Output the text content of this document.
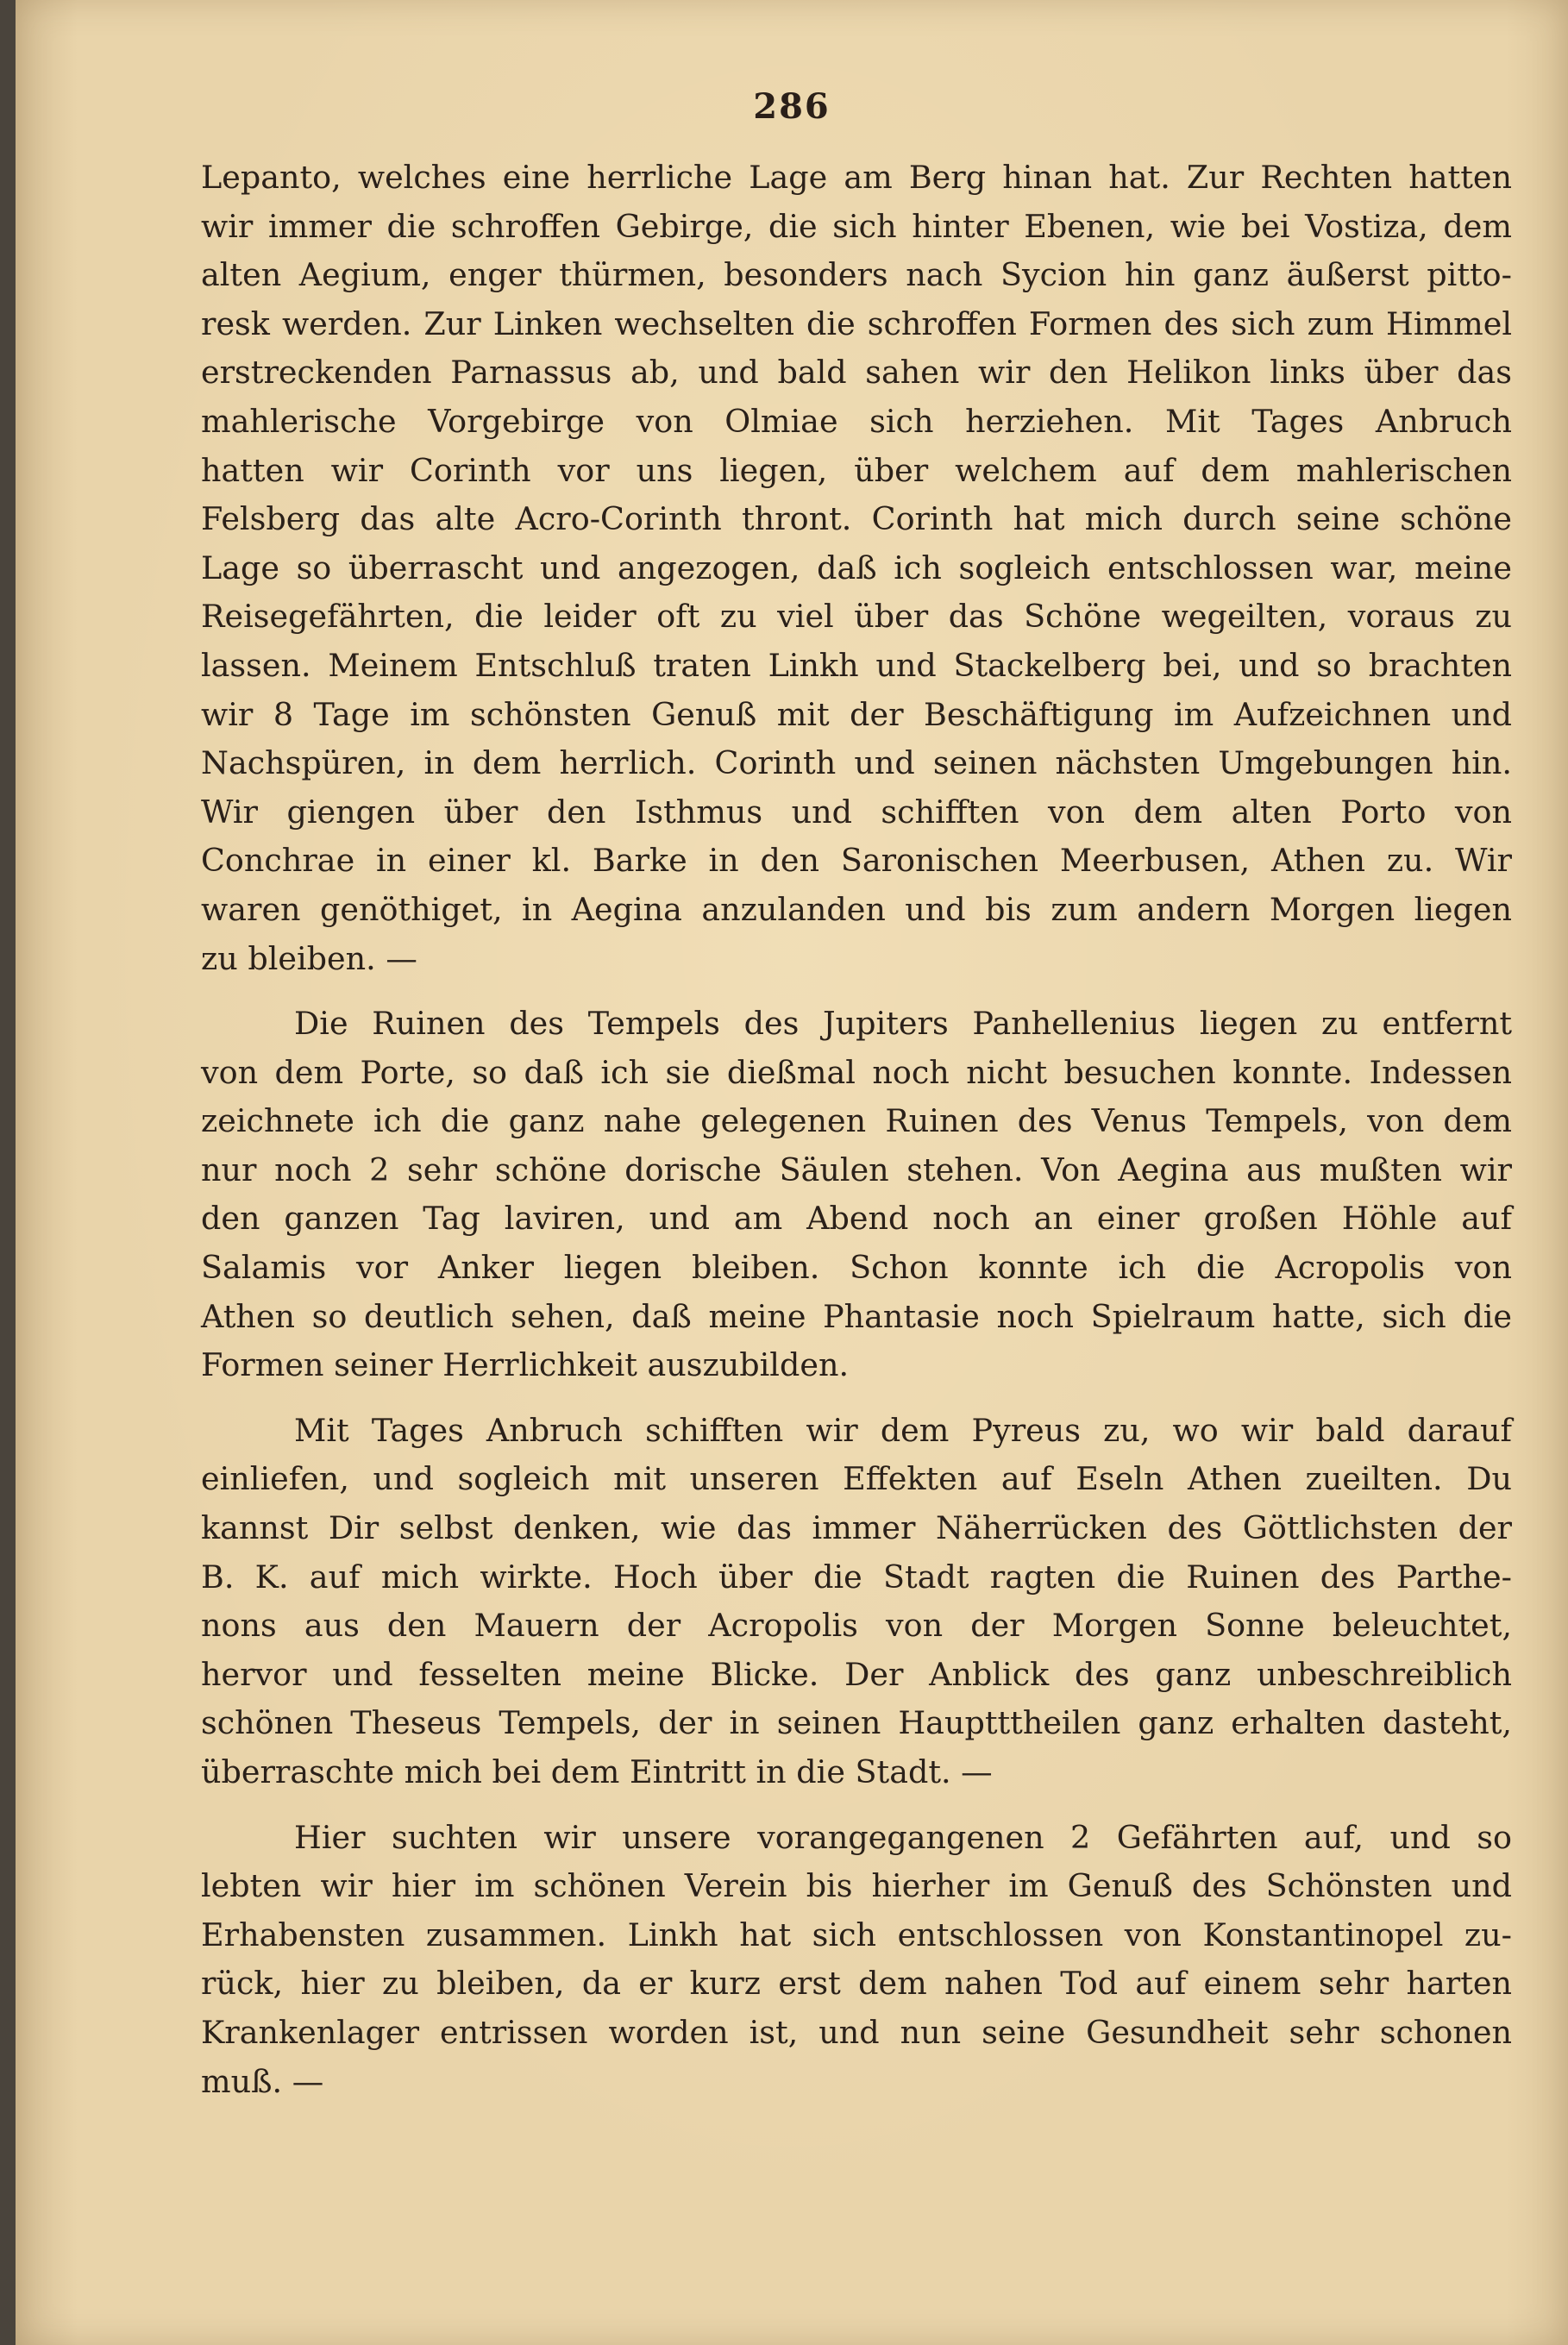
286
Lepanto, welches eine herrliche Lage am Berg hinan hat. Zur Rechten hatten
wir immer die schroffen Gebirge, die sich hinter Ebenen, wie bei Vostiza, dem
alten Aegium, enger thürmen, besonders nach Sycion hin ganz äußerst pitto-
resk werden. Zur Linken wechselten die schroffen Formen des sich zum Himmel
erstreckenden Parnassus ab, und bald sahen wir den Helikon links über das
mahlerische Vorgebirge von Olmiae sich herziehen. Mit Tages Anbruch
hatten wir Corinth vor uns liegen, über welchem auf dem mahlerischen
Felsberg das alte Acro-Corinth thront. Corinth hat mich durch seine schöne
Lage so überrascht und angezogen, daß ich sogleich entschlossen war, meine
Reisegefährten, die leider oft zu viel über das Schöne wegeilten, voraus zu
lassen. Meinem Entschluß traten Linkh und Stackelberg bei, und so brachten
wir 8 Tage im schönsten Genuß mit der Beschäftigung im Aufzeichnen und
Nachspüren, in dem herrlich. Corinth und seinen nächsten Umgebungen hin.
Wir giengen über den Isthmus und schifften von dem alten Porto von
Conchrae in einer kl. Barke in den Saronischen Meerbusen, Athen zu. Wir
waren genöthiget, in Aegina anzulanden und bis zum andern Morgen liegen
zu bleiben. —
Die Ruinen des Tempels des Jupiters Panhellenius liegen zu entfernt
von dem Porte, so daß ich sie dießmal noch nicht besuchen konnte. Indessen
zeichnete ich die ganz nahe gelegenen Ruinen des Venus Tempels, von dem
nur noch 2 sehr schöne dorische Säulen stehen. Von Aegina aus mußten wir
den ganzen Tag laviren, und am Abend noch an einer großen Höhle auf
Salamis vor Anker liegen bleiben. Schon konnte ich die Acropolis von
Athen so deutlich sehen, daß meine Phantasie noch Spielraum hatte, sich die
Formen seiner Herrlichkeit auszubilden.
Mit Tages Anbruch schifften wir dem Pyreus zu, wo wir bald darauf
einliefen, und sogleich mit unseren Effekten auf Eseln Athen zueilten. Du
kannst Dir selbst denken, wie das immer Näherrücken des Göttlichsten der
B. K. auf mich wirkte. Hoch über die Stadt ragten die Ruinen des Parthe-
nons aus den Mauern der Acropolis von der Morgen Sonne beleuchtet,
hervor und fesselten meine Blicke. Der Anblick des ganz unbeschreiblich
schönen Theseus Tempels, der in seinen Hauptttheilen ganz erhalten dasteht,
überraschte mich bei dem Eintritt in die Stadt. —
Hier suchten wir unsere vorangegangenen 2 Gefährten auf, und so
lebten wir hier im schönen Verein bis hierher im Genuß des Schönsten und
Erhabensten zusammen. Linkh hat sich entschlossen von Konstantinopel zu-
rück, hier zu bleiben, da er kurz erst dem nahen Tod auf einem sehr harten
Krankenlager entrissen worden ist, und nun seine Gesundheit sehr schonen
muß. —
